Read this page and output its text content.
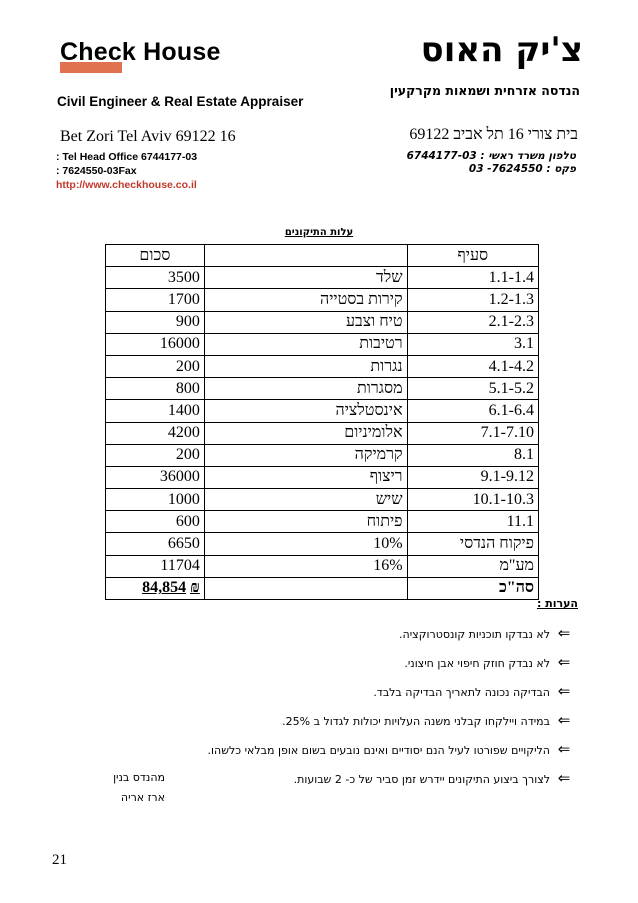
Check House	צ'יק האוס
Civil Engineer & Real Estate Appraiser
הנדסה אזרחית ושמאות מקרקעין
Bet Zori Tel Aviv 69122 16	בית צורי 16 תל אביב 69122
: Tel Head Office 6744177-03
: 7624550-03Fax
http://www.checkhouse.co.il
טלפון משרד ראשי : 6744177-03
פקס : 7624550- 03
עלות התיקונים
סכום		סעיף
3500	שלד	1.1-1.4
1700	קירות בסטייה	1.2-1.3
900	טיח וצבע	2.1-2.3
16000	רטיבות	3.1
200	נגרות	4.1-4.2
800	מסגרות	5.1-5.2
1400	אינסטלציה	6.1-6.4
4200	אלומיניום	7.1-7.10
200	קרמיקה	8.1
36000	ריצוף	9.1-9.12
1000	שיש	10.1-10.3
600	פיתוח	11.1
6650	10%	פיקוח הנדסי
11704	16%	מע"מ
84,854 ₪		סה"כ
הערות :
⇐לא נבדקו תוכניות קונסטרוקציה.
⇐לא נבדק חוזק חיפוי אבן חיצוני.
⇐הבדיקה נכונה לתאריך הבדיקה בלבד.
⇐במידה ויילקחו קבלני משנה העלויות יכולות לגדול ב 25%.
⇐הליקויים שפורטו לעיל הנם יסודיים ואינם נובעים בשום אופן מבלאי כלשהו.
⇐לצורך ביצוע התיקונים יידרש זמן סביר של כ- 2 שבועות.
מהנדס בנין
ארז אריה
21
